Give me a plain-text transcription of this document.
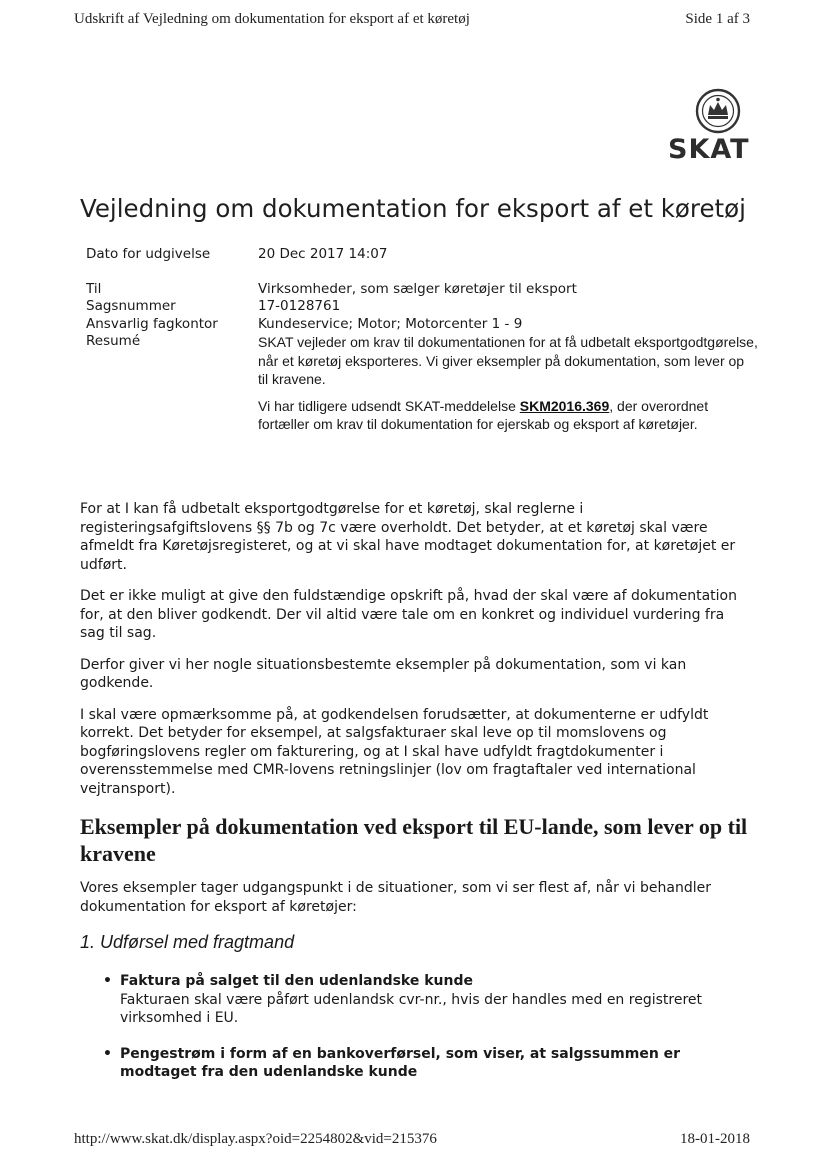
Udskrift af Vejledning om dokumentation for eksport af et køretøj	Side 1 af 3
SKAT
Vejledning om dokumentation for eksport af et køretøj
Dato for udgivelse	20 Dec 2017 14:07
Til	Virksomheder, som sælger køretøjer til eksport
Sagsnummer	17-0128761
Ansvarlig fagkontor	Kundeservice; Motor; Motorcenter 1 - 9
Resumé	SKAT vejleder om krav til dokumentationen for at få udbetalt eksportgodtgørelse, når et køretøj eksporteres. Vi giver eksempler på dokumentation, som lever op til kravene.

Vi har tidligere udsendt SKAT-meddelelse SKM2016.369, der overordnet fortæller om krav til dokumentation for ejerskab og eksport af køretøjer.

For at I kan få udbetalt eksportgodtgørelse for et køretøj, skal reglerne i registeringsafgiftslovens §§ 7b og 7c være overholdt. Det betyder, at et køretøj skal være afmeldt fra Køretøjsregisteret, og at vi skal have modtaget dokumentation for, at køretøjet er udført.

Det er ikke muligt at give den fuldstændige opskrift på, hvad der skal være af dokumentation for, at den bliver godkendt. Der vil altid være tale om en konkret og individuel vurdering fra sag til sag.

Derfor giver vi her nogle situationsbestemte eksempler på dokumentation, som vi kan godkende.

I skal være opmærksomme på, at godkendelsen forudsætter, at dokumenterne er udfyldt korrekt. Det betyder for eksempel, at salgsfakturaer skal leve op til momslovens og bogføringslovens regler om fakturering, og at I skal have udfyldt fragtdokumenter i overensstemmelse med CMR-lovens retningslinjer (lov om fragtaftaler ved international vejtransport).

Eksempler på dokumentation ved eksport til EU-lande, som lever op til kravene
Vores eksempler tager udgangspunkt i de situationer, som vi ser flest af, når vi behandler dokumentation for eksport af køretøjer:
1. Udførsel med fragtmand
• Faktura på salget til den udenlandske kunde
Fakturaen skal være påført udenlandsk cvr-nr., hvis der handles med en registreret virksomhed i EU.
• Pengestrøm i form af en bankoverførsel, som viser, at salgssummen er modtaget fra den udenlandske kunde
http://www.skat.dk/display.aspx?oid=2254802&vid=215376	18-01-2018
